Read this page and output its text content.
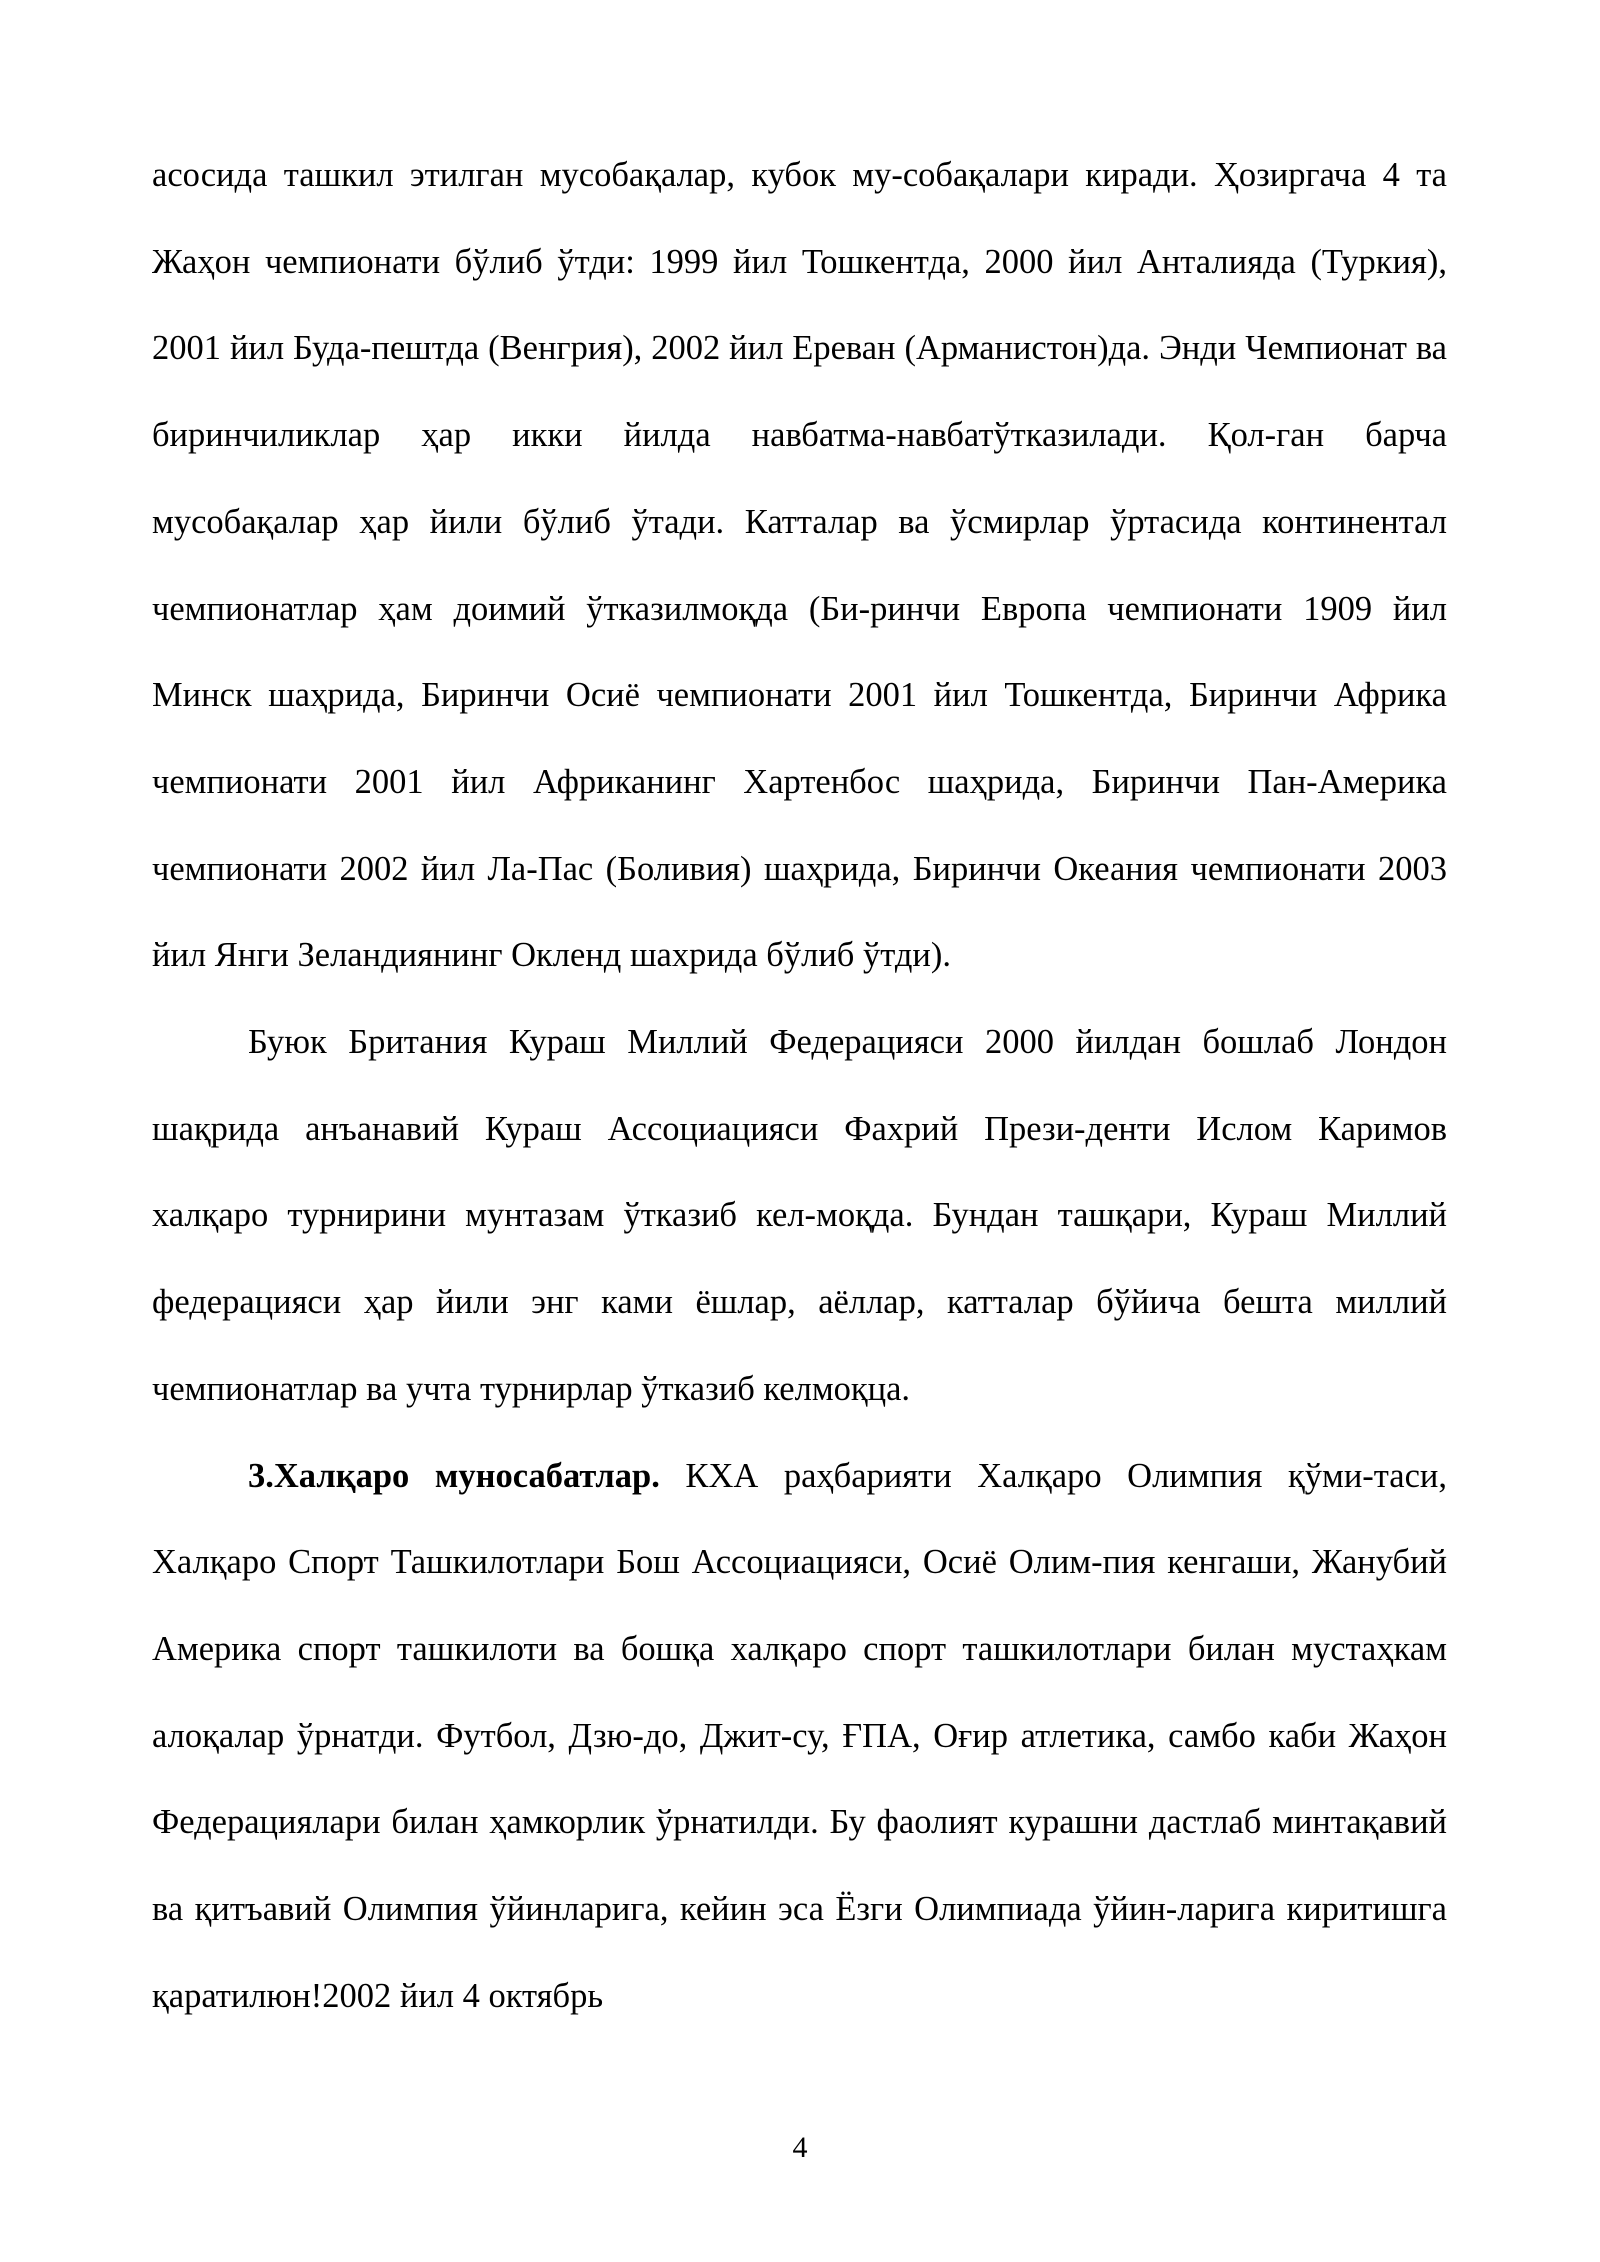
асосида ташкил этилган мусобақалар, кубок му-собақалари киради. Ҳозиргача 4 та Жаҳон чемпионати бўлиб ўтди: 1999 йил Тошкентда, 2000 йил Анталияда (Туркия), 2001 йил Буда-пештда (Венгрия), 2002 йил Ереван (Арманистон)да. Энди Чемпионат ва биринчиликлар ҳар икки йилда навбатма-навбатўтказилади. Қол-ган барча мусобақалар ҳар йили бўлиб ўтади. Катталар ва ўсмирлар ўртасида континентал чемпионатлар ҳам доимий ўтказилмоқда (Би-ринчи Европа чемпионати 1909 йил Минск шаҳрида, Биринчи Осиё чемпионати 2001 йил Тошкентда, Биринчи Африка чемпионати 2001 йил Африканинг Хартенбос шаҳрида, Биринчи Пан-Америка чемпионати 2002 йил Ла-Пас (Боливия) шаҳрида, Биринчи Океания чемпионати 2003 йил Янги Зеландиянинг Окленд шахрида бўлиб ўтди).

Буюк Британия Кураш Миллий Федерацияси 2000 йилдан бошлаб Лондон шақрида анъанавий Кураш Ассоциацияси Фахрий Прези-денти Ислом Каримов халқаро турнирини мунтазам ўтказиб кел-моқда. Бундан ташқари, Кураш Миллий федерацияси ҳар йили энг ками ёшлар, аёллар, катталар бўйича бешта миллий чемпионатлар ва учта турнирлар ўтказиб келмоқца.

3.Халқаро муносабатлар. КХА раҳбарияти Халқаро Олимпия қўми-таси, Халқаро Спорт Ташкилотлари Бош Ассоциацияси, Осиё Олим-пия кенгаши, Жанубий Америка спорт ташкилоти ва бошқа халқаро спорт ташкилотлари билан мустаҳкам алоқалар ўрнатди. Футбол, Дзю-до, Джит-су, ҒПА, Оғир атлетика, самбо каби Жаҳон Федерациялари билан ҳамкорлик ўрнатилди. Бу фаолият курашни дастлаб минтақавий ва қитъавий Олимпия ўйинларига, кейин эса Ёзги Олимпиада ўйин-ларига киритишга қаратилюн!2002 йил 4 октябрь

4
